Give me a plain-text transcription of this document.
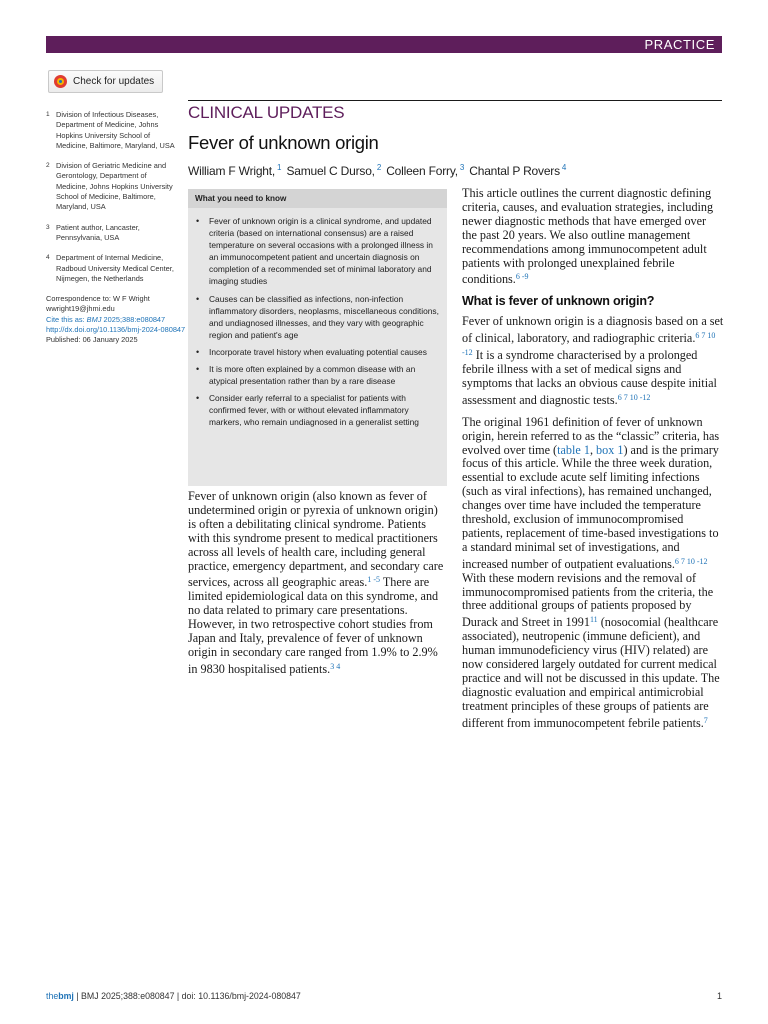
PRACTICE
Check for updates
1 Division of Infectious Diseases, Department of Medicine, Johns Hopkins University School of Medicine, Baltimore, Maryland, USA
2 Division of Geriatric Medicine and Gerontology, Department of Medicine, Johns Hopkins University School of Medicine, Baltimore, Maryland, USA
3 Patient author, Lancaster, Pennsylvania, USA
4 Department of Internal Medicine, Radboud University Medical Center, Nijmegen, the Netherlands
Correspondence to: W F Wright
wwright19@jhmi.edu
Cite this as: BMJ 2025;388:e080847
http://dx.doi.org/10.1136/bmj-2024-080847
Published: 06 January 2025
CLINICAL UPDATES
Fever of unknown origin
William F Wright, $^1$ Samuel C Durso, $^2$ Colleen Forry, $^3$ Chantal P Rovers $^4$
What you need to know
• Fever of unknown origin is a clinical syndrome, and updated criteria (based on international consensus) are a raised temperature on several occasions with a prolonged illness in an immunocompetent patient and uncertain diagnosis on completion of a recommended set of minimal laboratory and imaging studies
• Causes can be classified as infections, non-infection inflammatory disorders, neoplasms, miscellaneous conditions, and undiagnosed illnesses, and they vary with geographic region and patient's age
• Incorporate travel history when evaluating potential causes
• It is more often explained by a common disease with an atypical presentation rather than by a rare disease
• Consider early referral to a specialist for patients with confirmed fever, with or without elevated inflammatory markers, who remain undiagnosed in a generalist setting

Fever of unknown origin (also known as fever of undetermined origin or pyrexia of unknown origin) is often a debilitating clinical syndrome. Patients with this syndrome present to medical practitioners across all levels of health care, including general practice, emergency department, and secondary care services, across all geographic areas.$^{1 -5}$ There are limited epidemiological data on this syndrome, and no data related to primary care presentations. However, in two retrospective cohort studies from Japan and Italy, prevalence of fever of unknown origin in secondary care ranged from 1.9% to 2.9% in 9830 hospitalised patients.$^{3 4}$

This article outlines the current diagnostic defining criteria, causes, and evaluation strategies, including newer diagnostic methods that have emerged over the past 20 years. We also outline management recommendations among immunocompetent adult patients with prolonged unexplained febrile conditions.$^{6 -9}$

What is fever of unknown origin?

Fever of unknown origin is a diagnosis based on a set of clinical, laboratory, and radiographic criteria.$^{6 7 10 -12}$ It is a syndrome characterised by a prolonged febrile illness with a set of medical signs and symptoms that lacks an obvious cause despite initial assessment and diagnostic tests.$^{6 7 10 -12}$

The original 1961 definition of fever of unknown origin, herein referred to as the “classic” criteria, has evolved over time (table 1, box 1) and is the primary focus of this article. While the three week duration, essential to exclude acute self limiting infections (such as viral infections), has remained unchanged, changes over time have included the temperature threshold, exclusion of immunocompromised patients, replacement of time-based investigations to a standard minimal set of investigations, and increased number of outpatient evaluations.$^{6 7 10 -12}$ With these modern revisions and the removal of immunocompromised patients from the criteria, the three additional groups of patients proposed by Durack and Street in 1991$^{11}$ (nosocomial (healthcare associated), neutropenic (immune deficient), and human immunodeficiency virus (HIV) related) are now considered largely outdated for current medical practice and will not be discussed in this update. The diagnostic evaluation and empirical antimicrobial treatment principles of these groups of patients are different from immunocompetent febrile patients.$^7$

thebmj | BMJ 2025;388:e080847 | doi: 10.1136/bmj-2024-080847	1
